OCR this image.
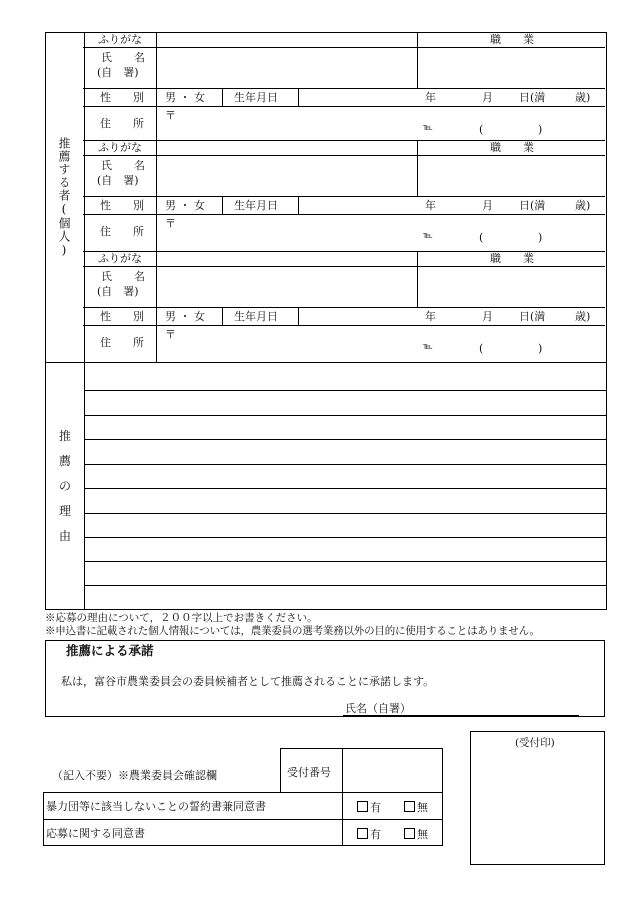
推薦する者(個人)
推
薦
の
理
由
ふりがな	職　　業
氏　　名
(自　署)
性　　別 男 ・ 女	生年月日	年	月 日(満	歳)
住　　所
〒
℡	(	)
ふりがな	職　　業
氏　　名
(自　署)
性　　別 男 ・ 女	生年月日	年	月 日(満	歳)
住　　所
〒
℡	(	)
ふりがな	職　　業
氏　　名
(自　署)
性　　別 男 ・ 女	生年月日	年	月 日(満	歳)
住　　所
〒
℡	(	)
※応募の理由について，２００字以上でお書きください。
※申込書に記載された個人情報については，農業委員の選考業務以外の目的に使用することはありません。
推薦による承諾
私は，富谷市農業委員会の委員候補者として推薦されることに承諾します。
氏名（自署）
受付番号
（記入不要）※農業委員会確認欄
暴力団等に該当しないことの誓約書兼同意書	有	無
応募に関する同意書	有	無
(受付印)
